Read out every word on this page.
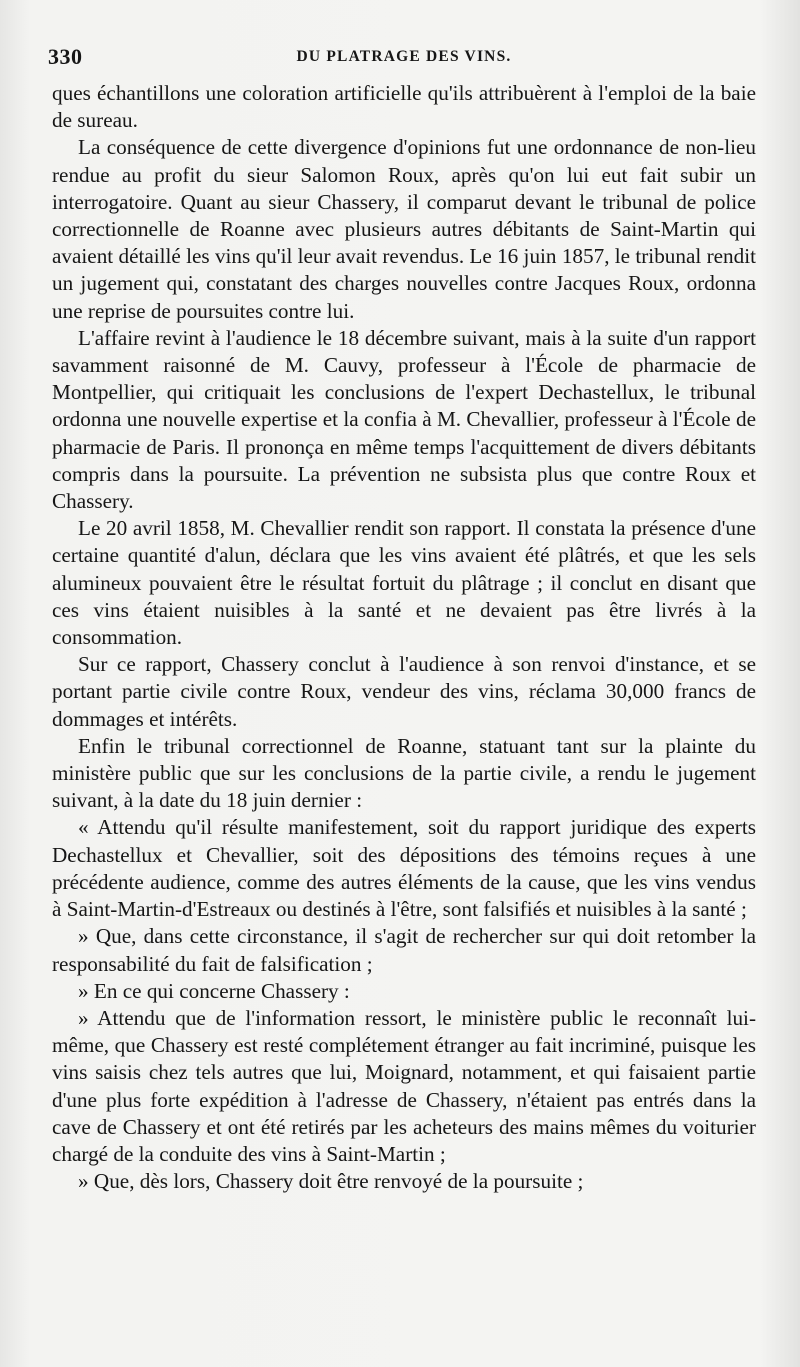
330	DU PLATRAGE DES VINS.

ques échantillons une coloration artificielle qu'ils attribuèrent à l'emploi de la baie de sureau.

La conséquence de cette divergence d'opinions fut une ordonnance de non-lieu rendue au profit du sieur Salomon Roux, après qu'on lui eut fait subir un interrogatoire. Quant au sieur Chassery, il comparut devant le tribunal de police correctionnelle de Roanne avec plusieurs autres débitants de Saint-Martin qui avaient détaillé les vins qu'il leur avait revendus. Le 16 juin 1857, le tribunal rendit un jugement qui, constatant des charges nouvelles contre Jacques Roux, ordonna une reprise de poursuites contre lui.

L'affaire revint à l'audience le 18 décembre suivant, mais à la suite d'un rapport savamment raisonné de M. Cauvy, professeur à l'École de pharmacie de Montpellier, qui critiquait les conclusions de l'expert Dechastellux, le tribunal ordonna une nouvelle expertise et la confia à M. Chevallier, professeur à l'École de pharmacie de Paris. Il prononça en même temps l'acquittement de divers débitants compris dans la poursuite. La prévention ne subsista plus que contre Roux et Chassery.

Le 20 avril 1858, M. Chevallier rendit son rapport. Il constata la présence d'une certaine quantité d'alun, déclara que les vins avaient été plâtrés, et que les sels alumineux pouvaient être le résultat fortuit du plâtrage ; il conclut en disant que ces vins étaient nuisibles à la santé et ne devaient pas être livrés à la consommation.

Sur ce rapport, Chassery conclut à l'audience à son renvoi d'instance, et se portant partie civile contre Roux, vendeur des vins, réclama 30,000 francs de dommages et intérêts.

Enfin le tribunal correctionnel de Roanne, statuant tant sur la plainte du ministère public que sur les conclusions de la partie civile, a rendu le jugement suivant, à la date du 18 juin dernier :

« Attendu qu'il résulte manifestement, soit du rapport juridique des experts Dechastellux et Chevallier, soit des dépositions des témoins reçues à une précédente audience, comme des autres éléments de la cause, que les vins vendus à Saint-Martin-d'Estreaux ou destinés à l'être, sont falsifiés et nuisibles à la santé ;

» Que, dans cette circonstance, il s'agit de rechercher sur qui doit retomber la responsabilité du fait de falsification ;

» En ce qui concerne Chassery :

» Attendu que de l'information ressort, le ministère public le reconnaît lui-même, que Chassery est resté complétement étranger au fait incriminé, puisque les vins saisis chez tels autres que lui, Moignard, notamment, et qui faisaient partie d'une plus forte expédition à l'adresse de Chassery, n'étaient pas entrés dans la cave de Chassery et ont été retirés par les acheteurs des mains mêmes du voiturier chargé de la conduite des vins à Saint-Martin ;

» Que, dès lors, Chassery doit être renvoyé de la poursuite ;
